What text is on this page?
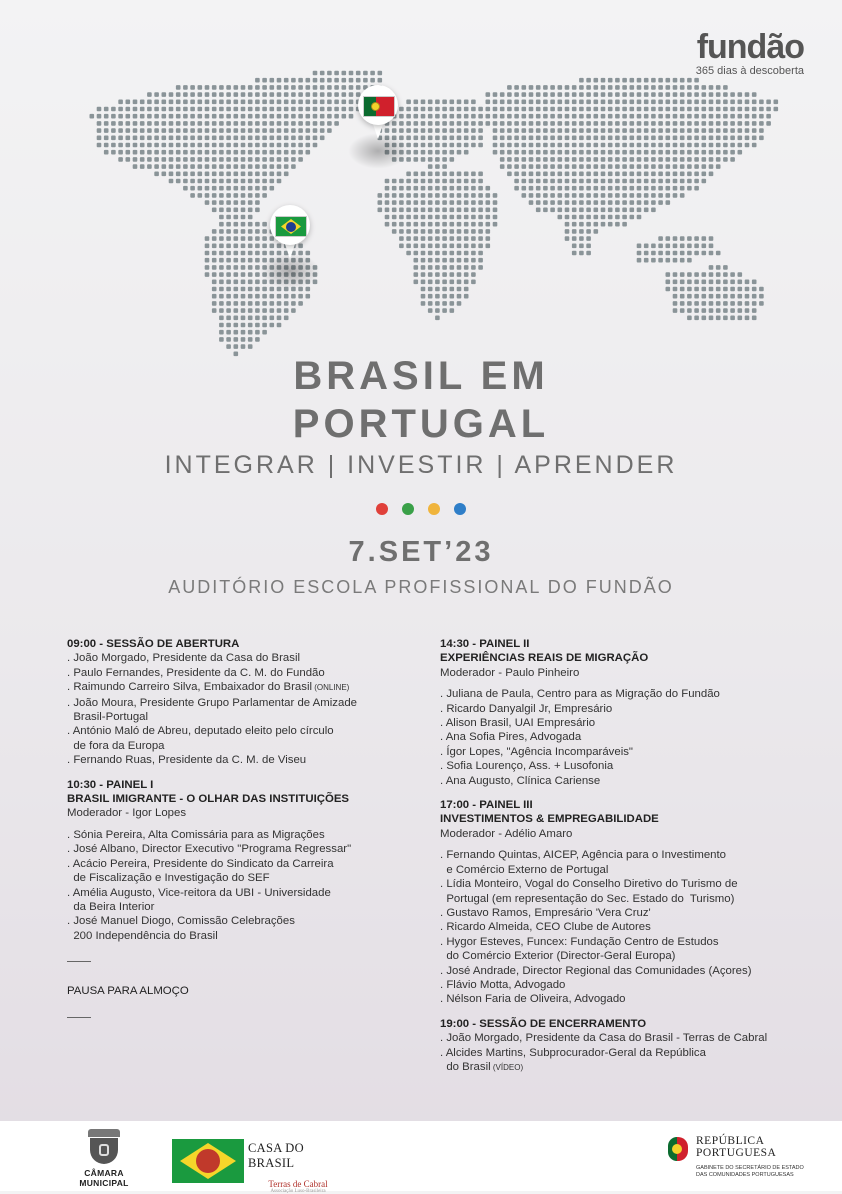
fundão
365 dias à descoberta
BRASIL EM
PORTUGAL
INTEGRAR | INVESTIR | APRENDER
7.SET’23
AUDITÓRIO ESCOLA PROFISSIONAL DO FUNDÃO
09:00 - SESSÃO DE ABERTURA
. João Morgado, Presidente da Casa do Brasil
. Paulo Fernandes, Presidente da C. M. do Fundão
. Raimundo Carreiro Silva, Embaixador do Brasil (ONLINE)
. João Moura, Presidente Grupo Parlamentar de Amizade
Brasil-Portugal
. António Maló de Abreu, deputado eleito pelo círculo
de fora da Europa
. Fernando Ruas, Presidente da C. M. de Viseu
10:30 - PAINEL I
BRASIL IMIGRANTE - O OLHAR DAS INSTITUIÇÕES
Moderador - Igor Lopes
. Sónia Pereira, Alta Comissária para as Migrações
. José Albano, Director Executivo "Programa Regressar"
. Acácio Pereira, Presidente do Sindicato da Carreira
de Fiscalização e Investigação do SEF
. Amélia Augusto, Vice-reitora da UBI - Universidade
da Beira Interior
. José Manuel Diogo, Comissão Celebrações
200 Independência do Brasil
PAUSA PARA ALMOÇO
14:30 - PAINEL II
EXPERIÊNCIAS REAIS DE MIGRAÇÃO
Moderador - Paulo Pinheiro
. Juliana de Paula, Centro para as Migração do Fundão
. Ricardo Danyalgil Jr, Empresário
. Alison Brasil, UAI Empresário
. Ana Sofia Pires, Advogada
. Ígor Lopes, "Agência Incomparáveis"
. Sofia Lourenço, Ass. + Lusofonia
. Ana Augusto, Clínica Cariense
17:00 - PAINEL III
INVESTIMENTOS & EMPREGABILIDADE
Moderador - Adélio Amaro
. Fernando Quintas, AICEP, Agência para o Investimento
e Comércio Externo de Portugal
. Lídia Monteiro, Vogal do Conselho Diretivo do Turismo de
Portugal (em representação do Sec. Estado do  Turismo)
. Gustavo Ramos, Empresário 'Vera Cruz'
. Ricardo Almeida, CEO Clube de Autores
. Hygor Esteves, Funcex: Fundação Centro de Estudos
do Comércio Exterior (Director-Geral Europa)
. José Andrade, Director Regional das Comunidades (Açores)
. Flávio Motta, Advogado
. Nélson Faria de Oliveira, Advogado
19:00 - SESSÃO DE ENCERRAMENTO
. João Morgado, Presidente da Casa do Brasil - Terras de Cabral
. Alcides Martins, Subprocurador-Geral da República
do Brasil (VÍDEO)
CÂMARA MUNICIPAL
CASA DO BRASIL
Terras de Cabral
Associação Luso-Brasileira
REPÚBLICA
PORTUGUESA
GABINETE DO SECRETÁRIO DE ESTADO DAS COMUNIDADES PORTUGUESAS
